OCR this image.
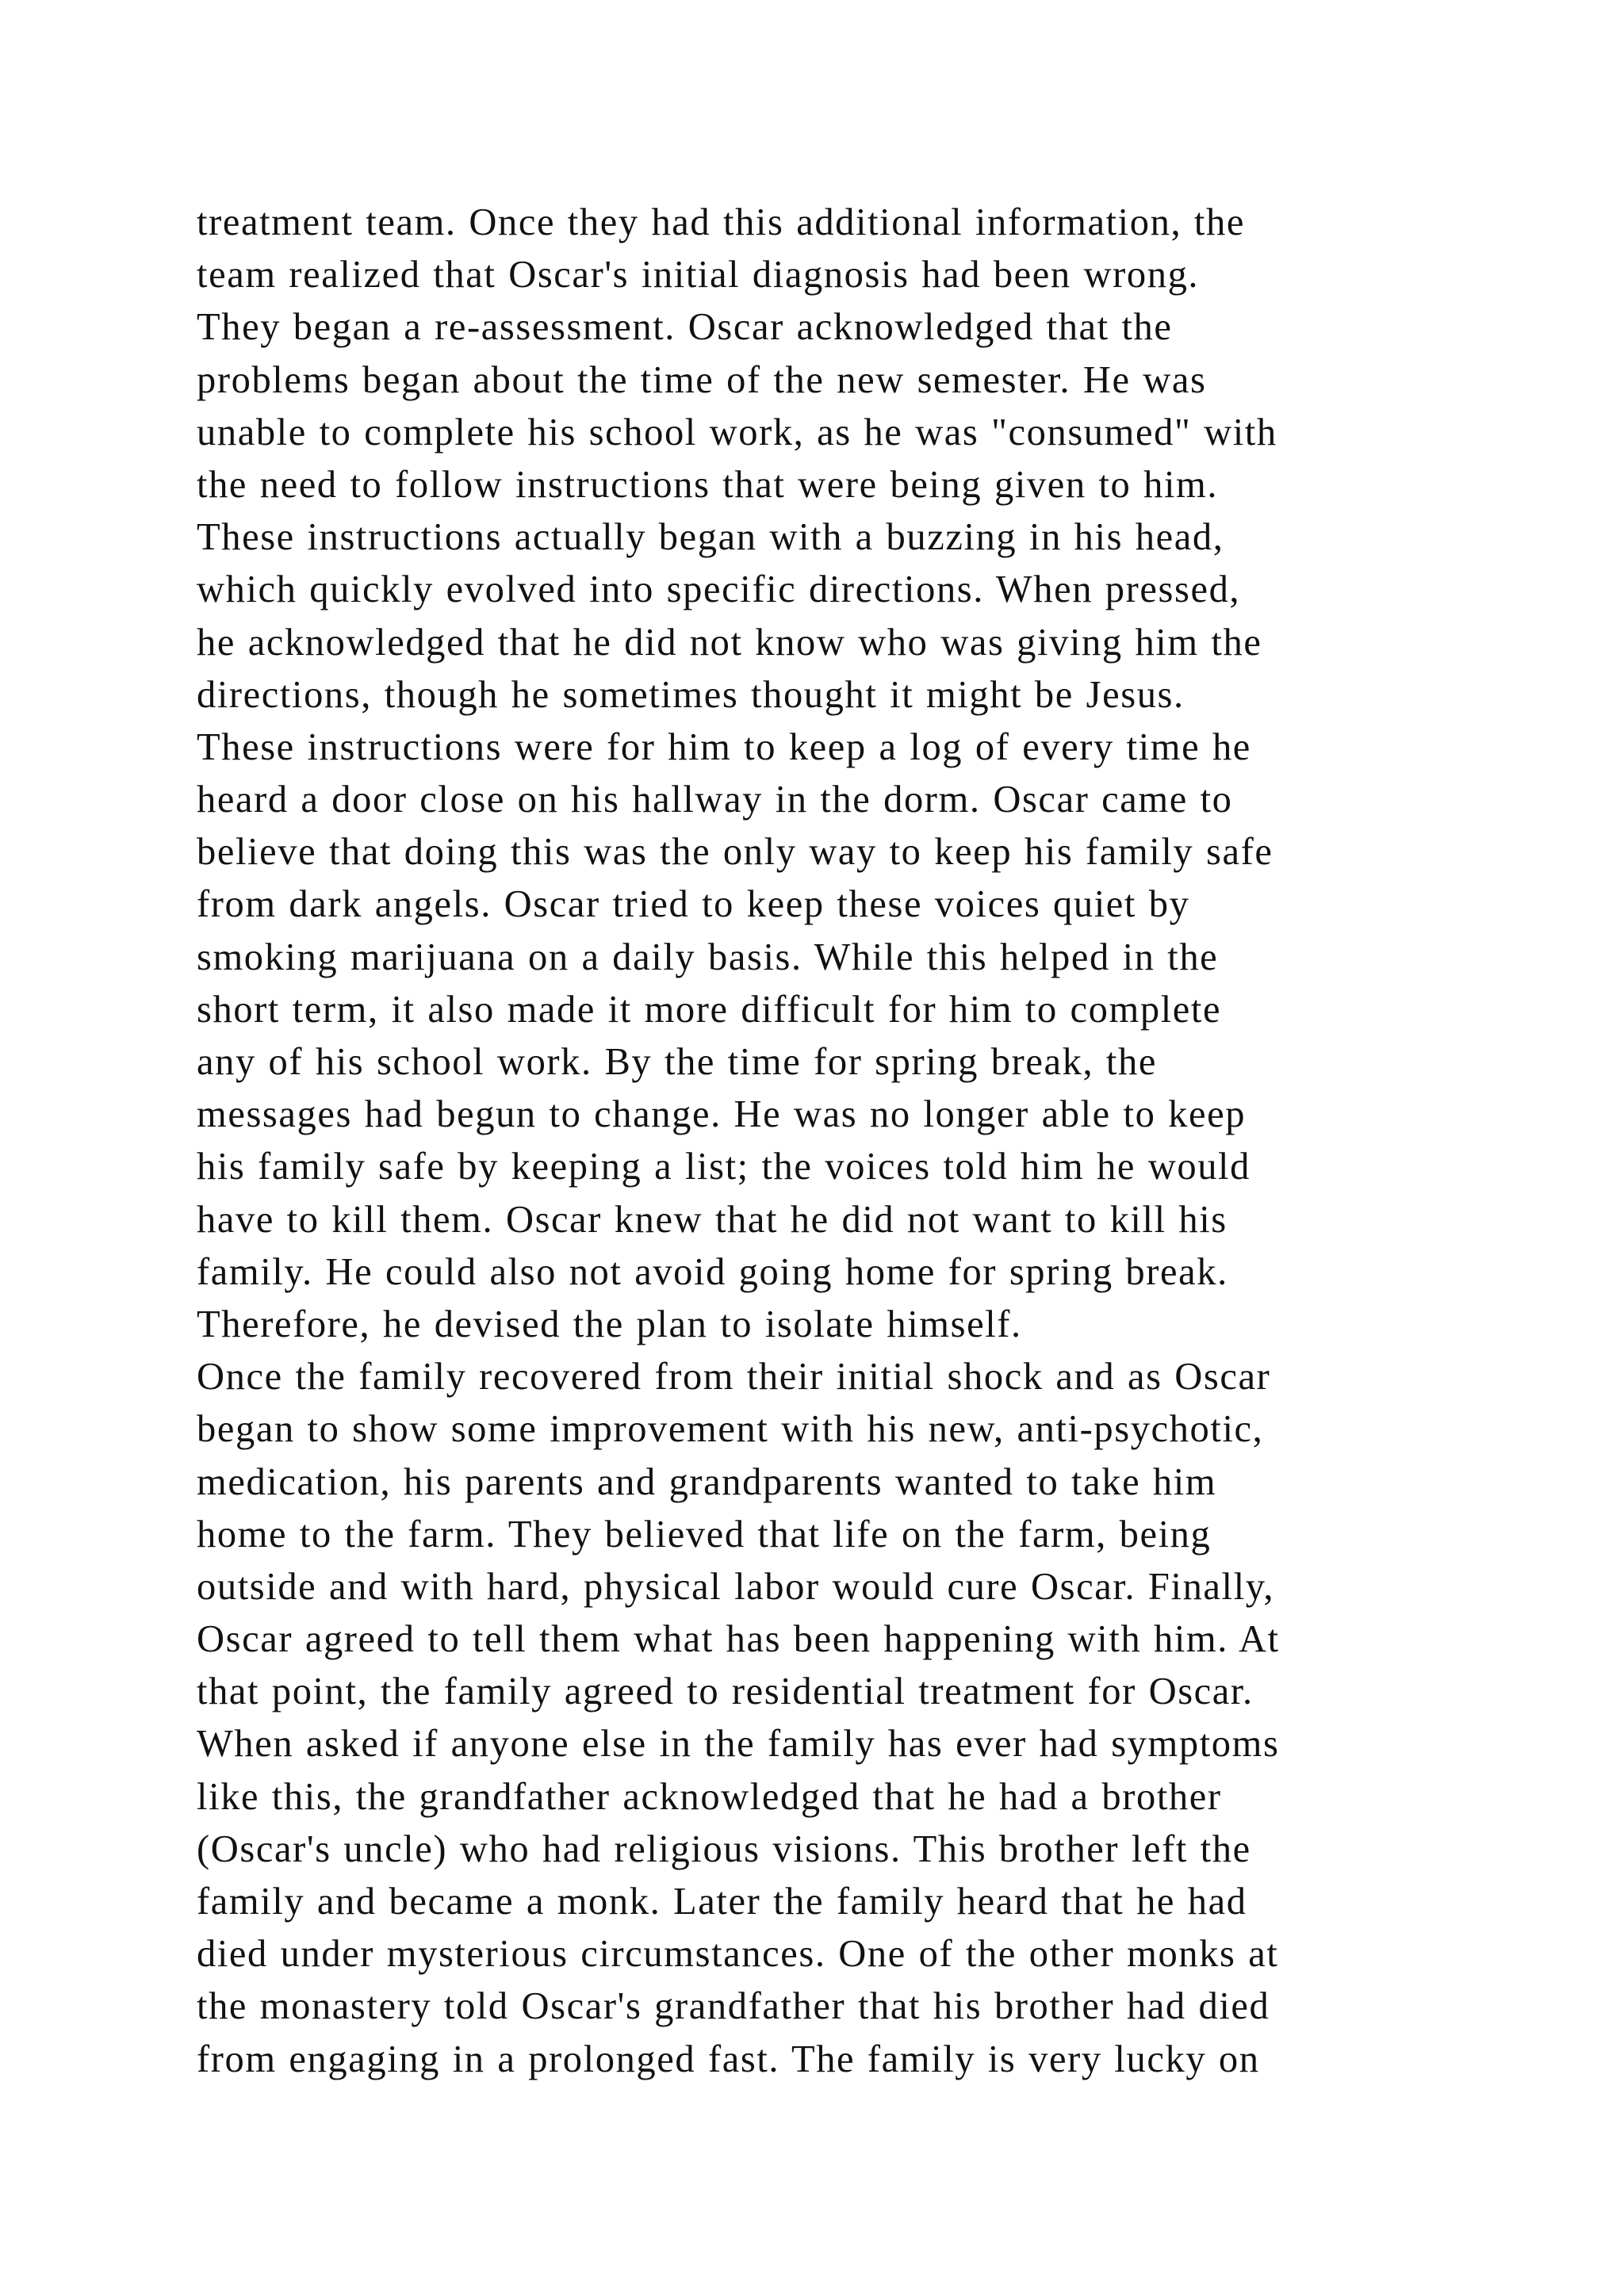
treatment team. Once they had this additional information, the
team realized that Oscar's initial diagnosis had been wrong.
They began a re-assessment. Oscar acknowledged that the
problems began about the time of the new semester. He was
unable to complete his school work, as he was "consumed" with
the need to follow instructions that were being given to him.
These instructions actually began with a buzzing in his head,
which quickly evolved into specific directions. When pressed,
he acknowledged that he did not know who was giving him the
directions, though he sometimes thought it might be Jesus.
These instructions were for him to keep a log of every time he
heard a door close on his hallway in the dorm. Oscar came to
believe that doing this was the only way to keep his family safe
from dark angels. Oscar tried to keep these voices quiet by
smoking marijuana on a daily basis. While this helped in the
short term, it also made it more difficult for him to complete
any of his school work. By the time for spring break, the
messages had begun to change. He was no longer able to keep
his family safe by keeping a list; the voices told him he would
have to kill them. Oscar knew that he did not want to kill his
family. He could also not avoid going home for spring break.
Therefore, he devised the plan to isolate himself.
Once the family recovered from their initial shock and as Oscar
began to show some improvement with his new, anti-psychotic,
medication, his parents and grandparents wanted to take him
home to the farm. They believed that life on the farm, being
outside and with hard, physical labor would cure Oscar. Finally,
Oscar agreed to tell them what has been happening with him. At
that point, the family agreed to residential treatment for Oscar.
When asked if anyone else in the family has ever had symptoms
like this, the grandfather acknowledged that he had a brother
(Oscar's uncle) who had religious visions. This brother left the
family and became a monk. Later the family heard that he had
died under mysterious circumstances. One of the other monks at
the monastery told Oscar's grandfather that his brother had died
from engaging in a prolonged fast. The family is very lucky on
